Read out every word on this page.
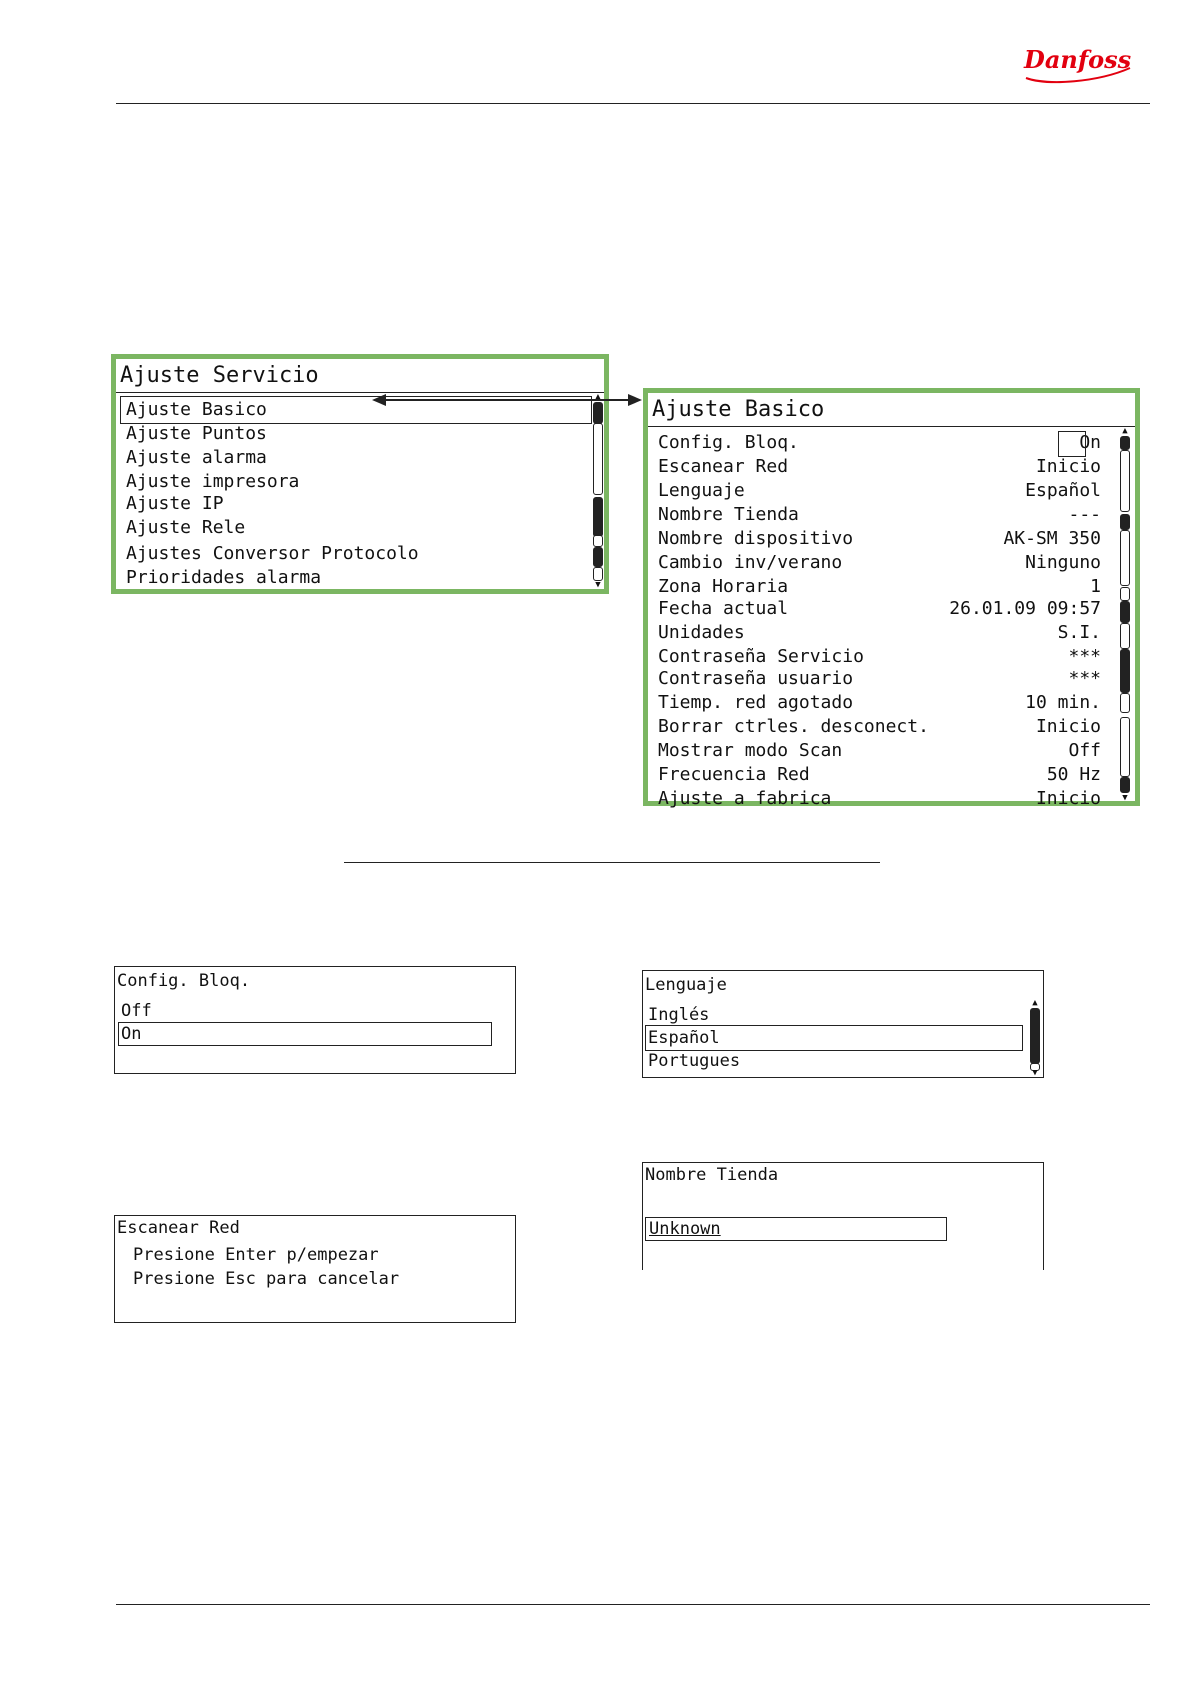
Danfoss
Ajuste Servicio
Ajuste Basico
Ajuste Puntos
Ajuste alarma
Ajuste impresora
Ajuste IP
Ajuste Rele
Ajustes Conversor Protocolo
Prioridades alarma
▲
▼
Ajuste Basico
Config. Bloq.	On
Escanear Red	Inicio
Lenguaje	Español
Nombre Tienda	---
Nombre dispositivo	AK-SM 350
Cambio inv/verano	Ninguno
Zona Horaria	1
Fecha actual	26.01.09 09:57
Unidades	S.I.
Contraseña Servicio	***
Contraseña usuario	***
Tiemp. red agotado	10 min.
Borrar ctrles. desconect.	Inicio
Mostrar modo Scan	Off
Frecuencia Red	50 Hz
Ajuste a fabrica	Inicio
▲
▼
Config. Bloq.
Off
On
Lenguaje
Inglés
Español
Portugues
▲
▼
Escanear Red
Presione Enter p/empezar
Presione Esc para cancelar
Nombre Tienda
Unknown
